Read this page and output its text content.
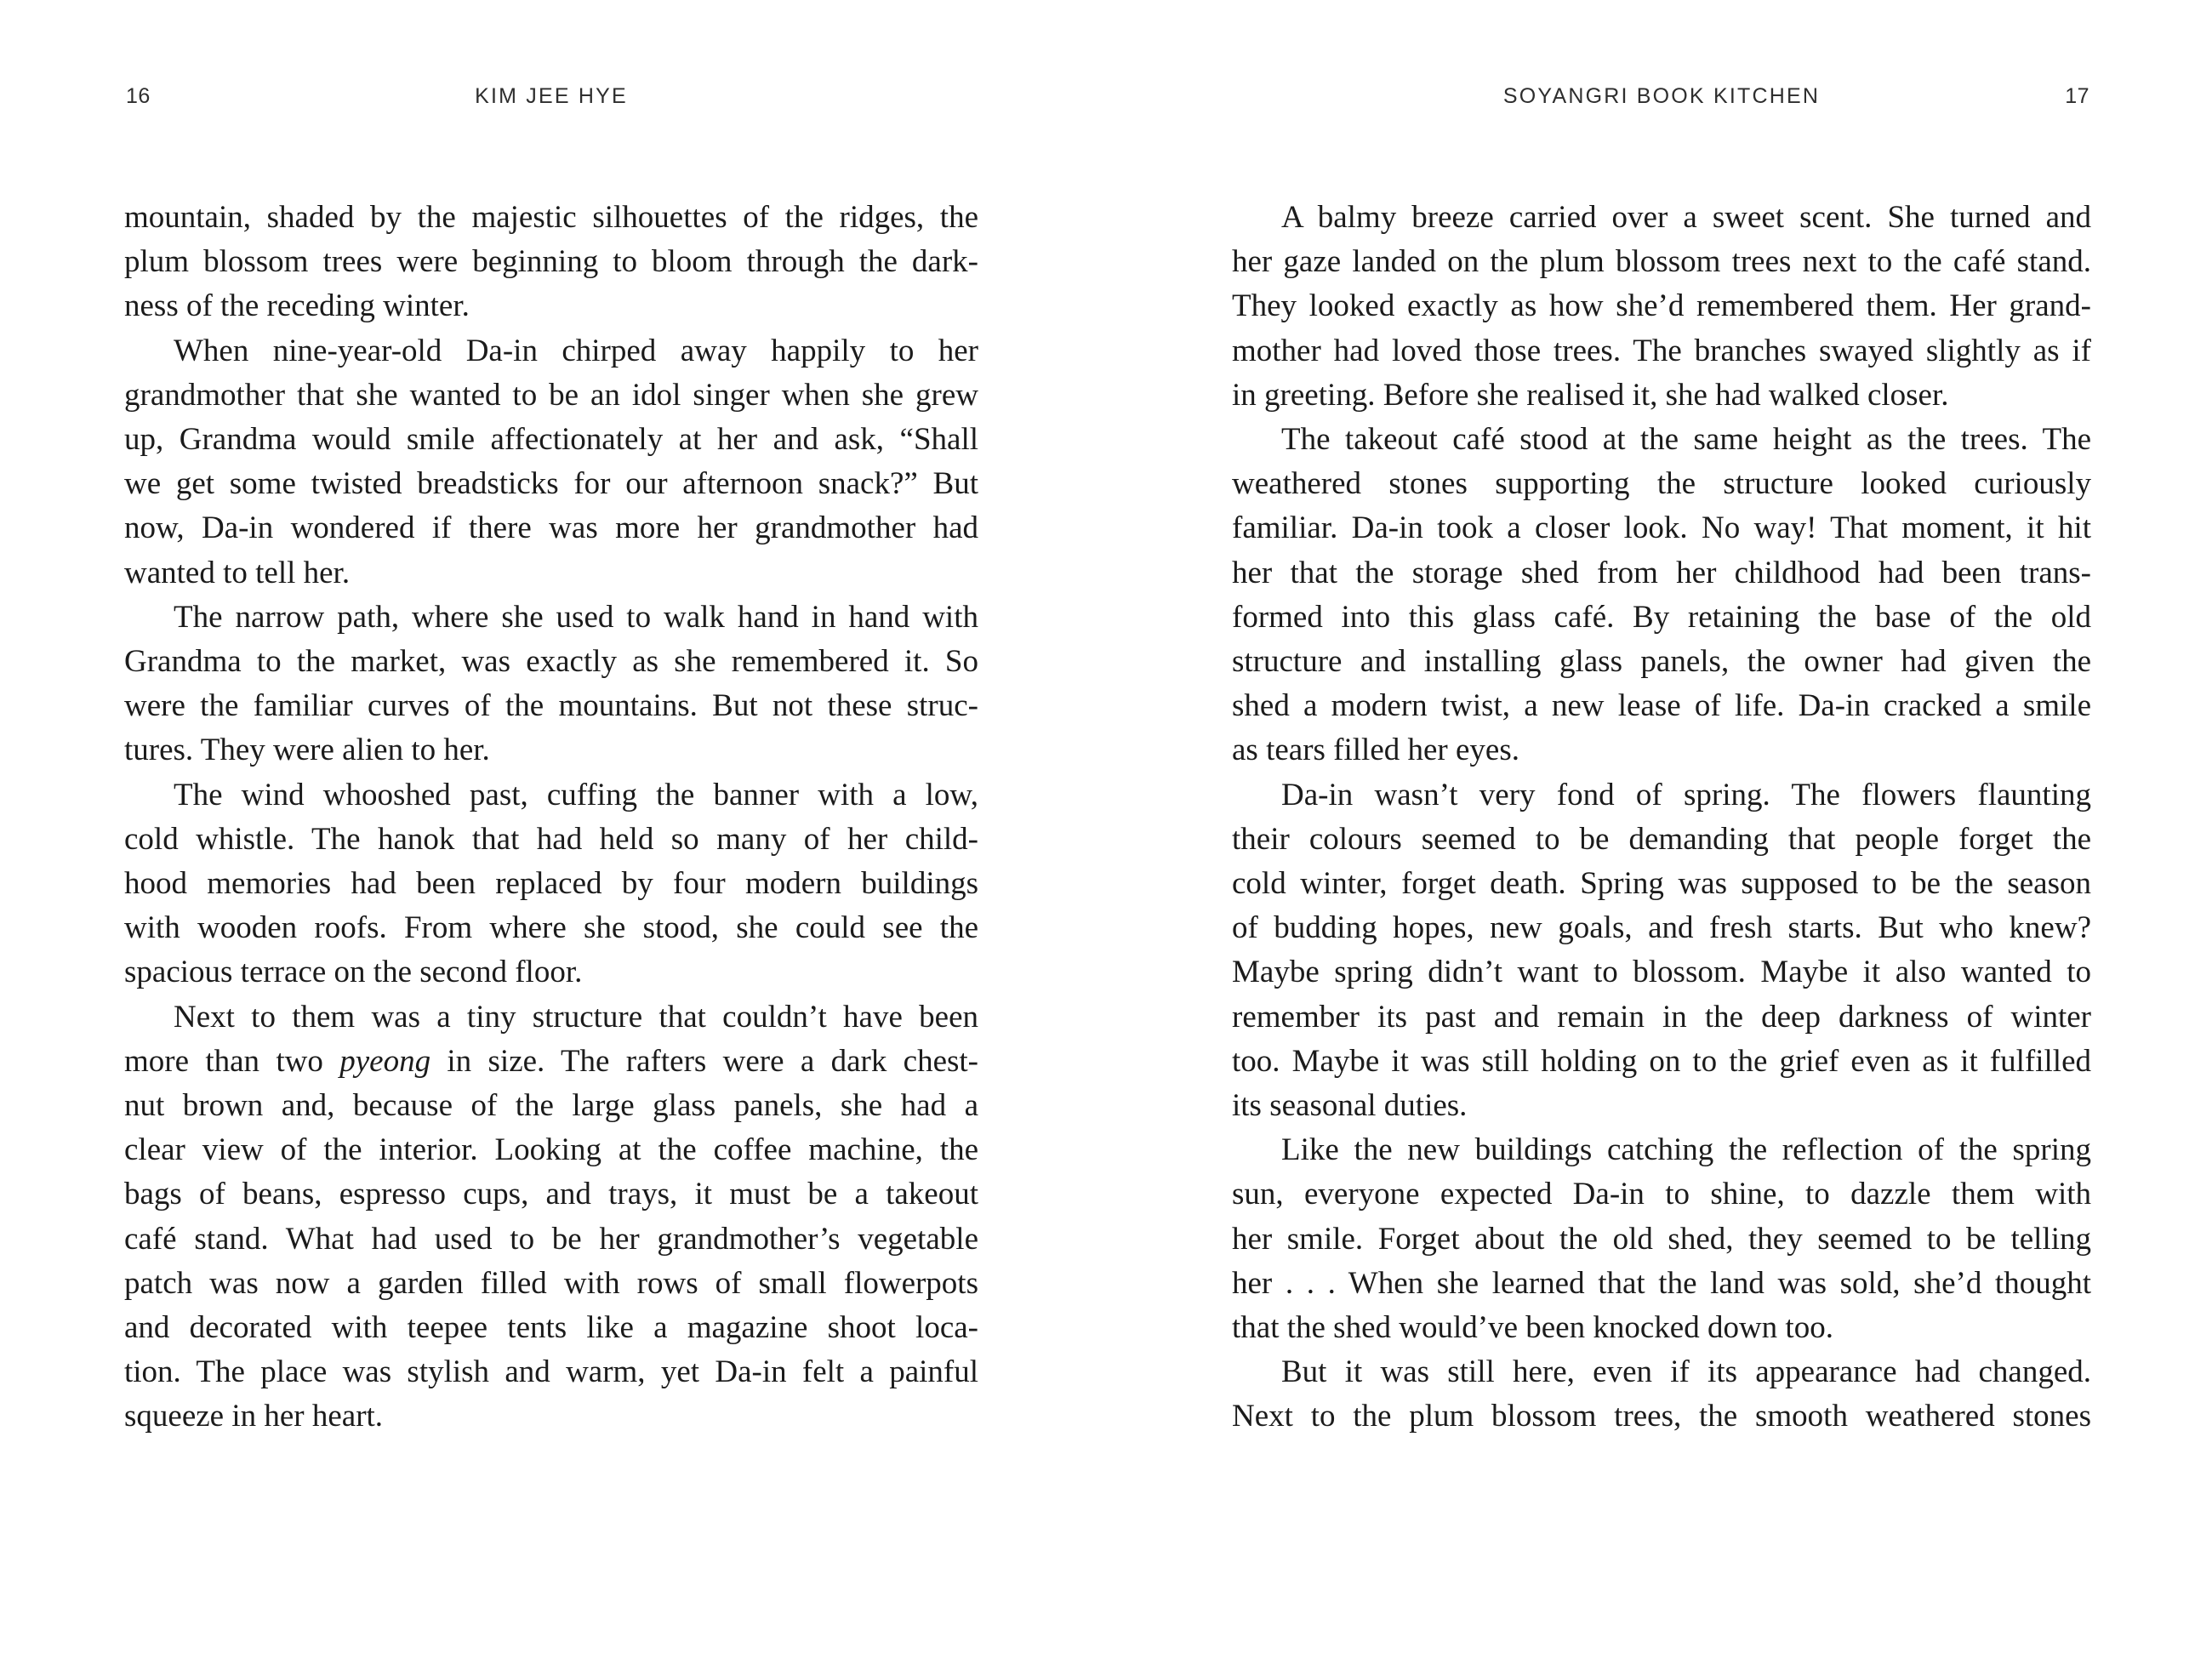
16	KIM JEE HYE
mountain, shaded by the majestic silhouettes of the ridges, the
plum blossom trees were beginning to bloom through the dark-
ness of the receding winter.
When nine-year-old Da-in chirped away happily to her
grandmother that she wanted to be an idol singer when she grew
up, Grandma would smile affectionately at her and ask, “Shall
we get some twisted breadsticks for our afternoon snack?” But
now, Da-in wondered if there was more her grandmother had
wanted to tell her.
The narrow path, where she used to walk hand in hand with
Grandma to the market, was exactly as she remembered it. So
were the familiar curves of the mountains. But not these struc-
tures. They were alien to her.
The wind whooshed past, cuffing the banner with a low,
cold whistle. The hanok that had held so many of her child-
hood memories had been replaced by four modern buildings
with wooden roofs. From where she stood, she could see the
spacious terrace on the second floor.
Next to them was a tiny structure that couldn’t have been
more than two pyeong in size. The rafters were a dark chest-
nut brown and, because of the large glass panels, she had a
clear view of the interior. Looking at the coffee machine, the
bags of beans, espresso cups, and trays, it must be a takeout
café stand. What had used to be her grandmother’s vegetable
patch was now a garden filled with rows of small flowerpots
and decorated with teepee tents like a magazine shoot loca-
tion. The place was stylish and warm, yet Da-in felt a painful
squeeze in her heart.
SOYANGRI BOOK KITCHEN	17
A balmy breeze carried over a sweet scent. She turned and
her gaze landed on the plum blossom trees next to the café stand.
They looked exactly as how she’d remembered them. Her grand-
mother had loved those trees. The branches swayed slightly as if
in greeting. Before she realised it, she had walked closer.
The takeout café stood at the same height as the trees. The
weathered stones supporting the structure looked curiously
familiar. Da-in took a closer look. No way! That moment, it hit
her that the storage shed from her childhood had been trans-
formed into this glass café. By retaining the base of the old
structure and installing glass panels, the owner had given the
shed a modern twist, a new lease of life. Da-in cracked a smile
as tears filled her eyes.
Da-in wasn’t very fond of spring. The flowers flaunting
their colours seemed to be demanding that people forget the
cold winter, forget death. Spring was supposed to be the season
of budding hopes, new goals, and fresh starts. But who knew?
Maybe spring didn’t want to blossom. Maybe it also wanted to
remember its past and remain in the deep darkness of winter
too. Maybe it was still holding on to the grief even as it fulfilled
its seasonal duties.
Like the new buildings catching the reflection of the spring
sun, everyone expected Da-in to shine, to dazzle them with
her smile. Forget about the old shed, they seemed to be telling
her . . . When she learned that the land was sold, she’d thought
that the shed would’ve been knocked down too.
But it was still here, even if its appearance had changed.
Next to the plum blossom trees, the smooth weathered stones
